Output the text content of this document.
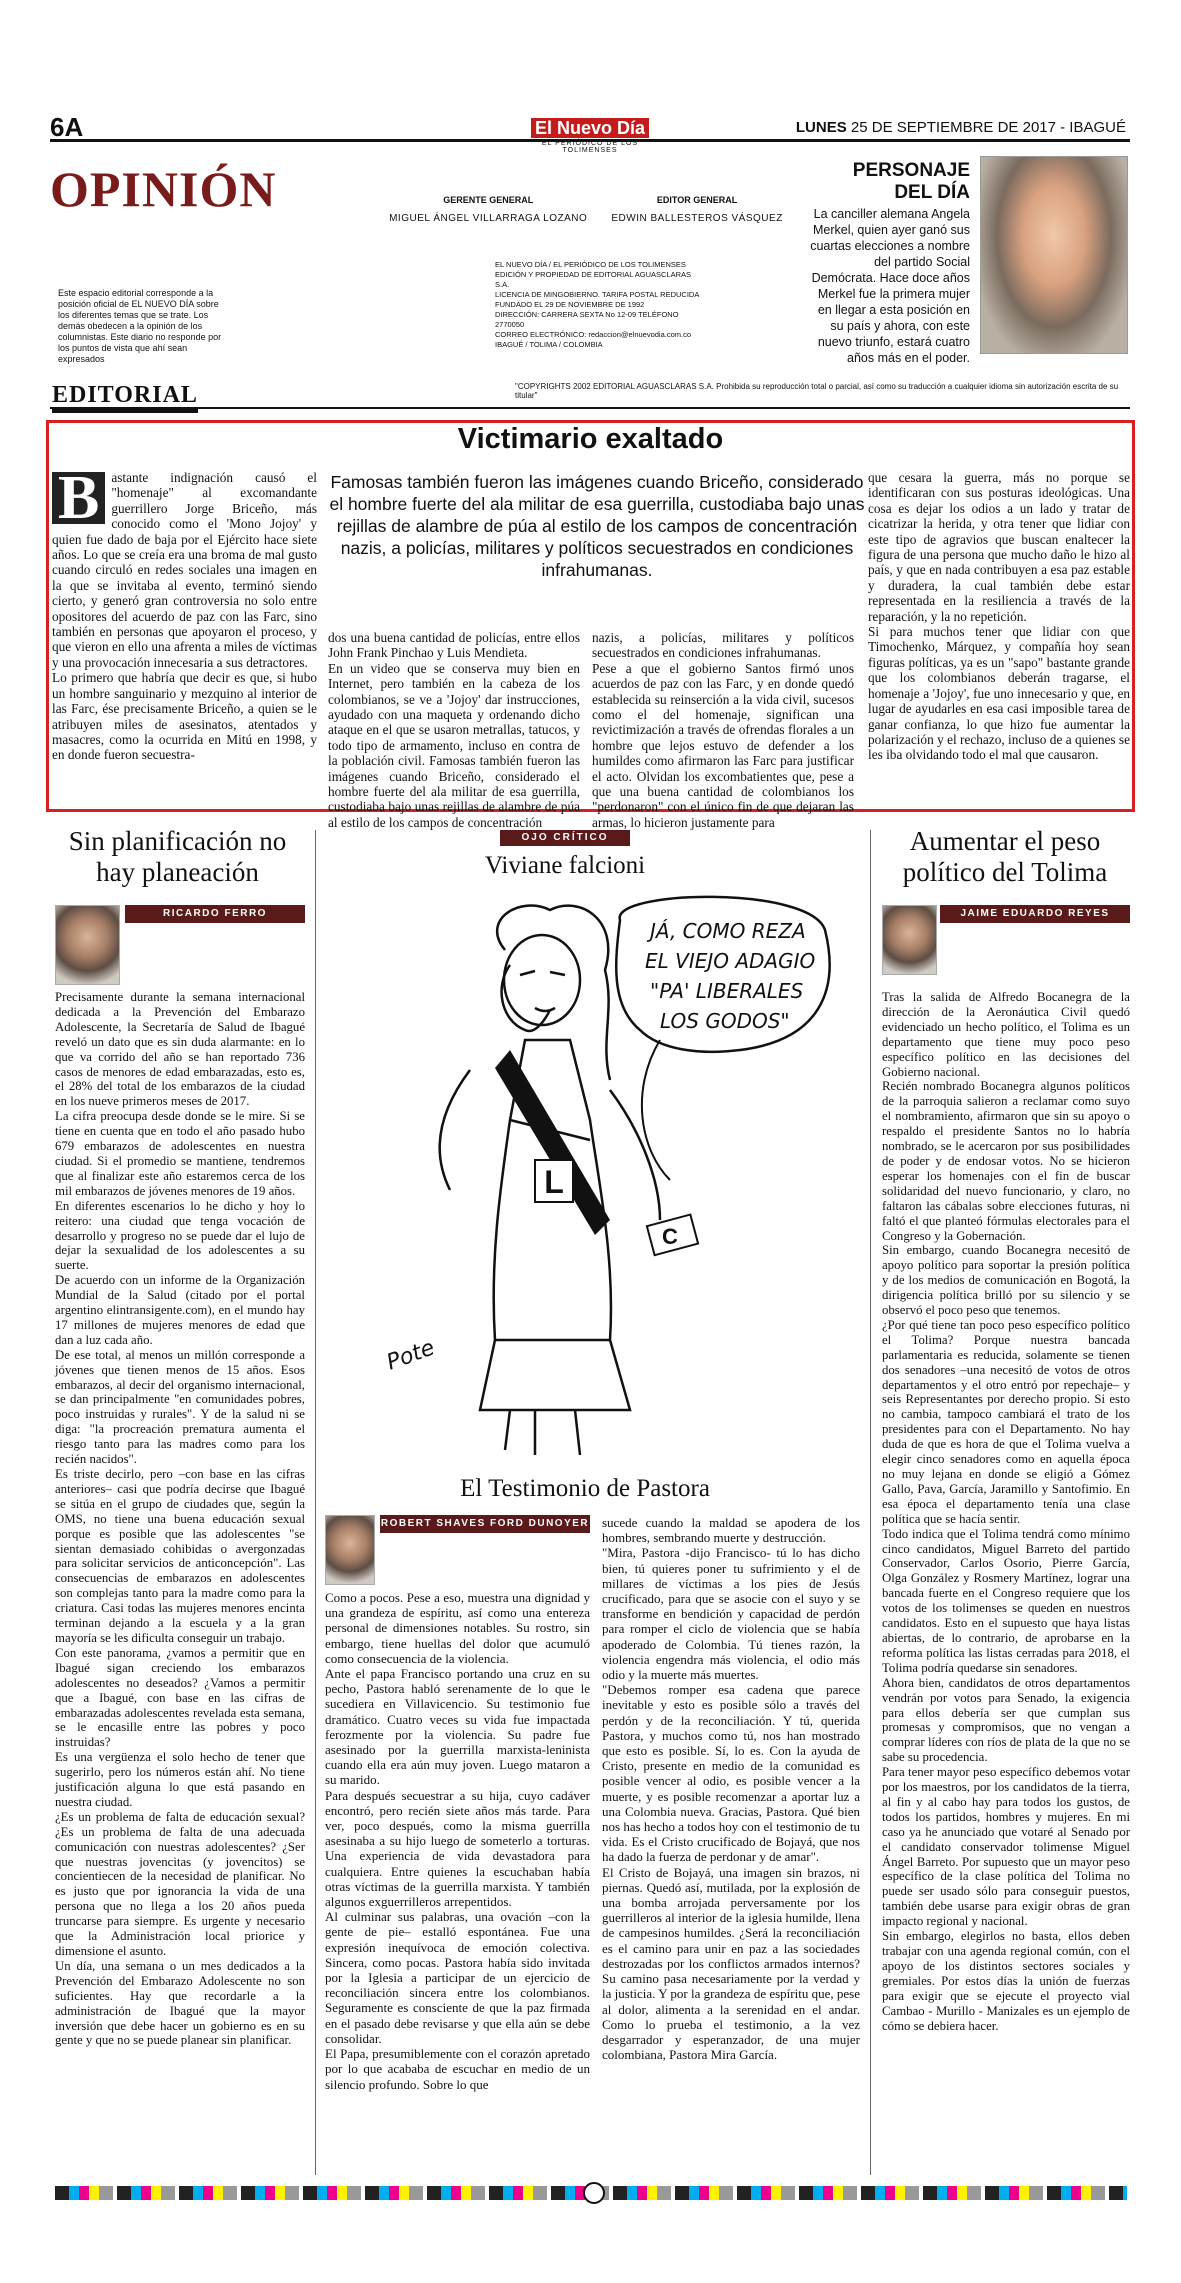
6A	El Nuevo Día
EL PERIÓDICO DE LOS TOLIMENSES
LUNES 25 DE SEPTIEMBRE DE 2017 - IBAGUÉ
OPINIÓN
Este espacio editorial corresponde a la posición oficial de EL NUEVO DÍA sobre los diferentes temas que se trate. Los demás obedecen a la opinión de los columnistas. Este diario no responde por los puntos de vista que ahí sean expresados
GERENTE GENERAL
MIGUEL ÁNGEL VILLARRAGA LOZANO

EDITOR GENERAL
EDWIN BALLESTEROS VÁSQUEZ
EL NUEVO DÍA / EL PERIÓDICO DE LOS TOLIMENSES
EDICIÓN Y PROPIEDAD DE EDITORIAL AGUASCLARAS S.A.
LICENCIA DE MINGOBIERNO. TARIFA POSTAL REDUCIDA
FUNDADO EL 29 DE NOVIEMBRE DE 1992
DIRECCIÓN: CARRERA SEXTA No 12-09 TELÉFONO 2770050
CORREO ELECTRÓNICO: redaccion@elnuevodia.com.co
IBAGUÉ / TOLIMA / COLOMBIA
PERSONAJE
DEL DÍA
La canciller alemana Angela Merkel, quien ayer ganó sus cuartas elecciones a nombre del partido Social Demócrata. Hace doce años Merkel fue la primera mujer en llegar a esta posición en su país y ahora, con este nuevo triunfo, estará cuatro años más en el poder.
EDITORIAL	"COPYRIGHTS 2002 EDITORIAL AGUASCLARAS S.A. Prohibida su reproducción total o parcial, así como su traducción a cualquier idioma sin autorización escrita de su titular"
Victimario exaltado
Famosas también fueron las imágenes cuando Briceño, considerado el hombre fuerte del ala militar de esa guerrilla, custodiaba bajo unas rejillas de alambre de púa al estilo de los campos de concentración nazis, a policías, militares y políticos secuestrados en condiciones infrahumanas.
B astante indignación causó el "homenaje" al excomandante guerrillero Jorge Briceño, más conocido como el 'Mono Jojoy' y quien fue dado de baja por el Ejército hace siete años. Lo que se creía era una broma de mal gusto cuando circuló en redes sociales una imagen en la que se invitaba al evento, terminó siendo cierto, y generó gran controversia no solo entre opositores del acuerdo de paz con las Farc, sino también en personas que apoyaron el proceso, y que vieron en ello una afrenta a miles de víctimas y una provocación innecesaria a sus detractores.
Lo primero que habría que decir es que, si hubo un hombre sanguinario y mezquino al interior de las Farc, ése precisamente Briceño, a quien se le atribuyen miles de asesinatos, atentados y masacres, como la ocurrida en Mitú en 1998, y en donde fueron secuestra-
dos una buena cantidad de policías, entre ellos John Frank Pinchao y Luis Mendieta.
En un video que se conserva muy bien en Internet, pero también en la cabeza de los colombianos, se ve a 'Jojoy' dar instrucciones, ayudado con una maqueta y ordenando dicho ataque en el que se usaron metrallas, tatucos, y todo tipo de armamento, incluso en contra de la población civil. Famosas también fueron las imágenes cuando Briceño, considerado el hombre fuerte del ala militar de esa guerrilla, custodiaba bajo unas rejillas de alambre de púa al estilo de los campos de concentración
nazis, a policías, militares y políticos secuestrados en condiciones infrahumanas.
Pese a que el gobierno Santos firmó unos acuerdos de paz con las Farc, y en donde quedó establecida su reinserción a la vida civil, sucesos como el del homenaje, significan una revictimización a través de ofrendas florales a un hombre que lejos estuvo de defender a los humildes como afirmaron las Farc para justificar el acto. Olvidan los excombatientes que, pese a que una buena cantidad de colombianos los "perdonaron" con el único fin de que dejaran las armas, lo hicieron justamente para
que cesara la guerra, más no porque se identificaran con sus posturas ideológicas. Una cosa es dejar los odios a un lado y tratar de cicatrizar la herida, y otra tener que lidiar con este tipo de agravios que buscan enaltecer la figura de una persona que mucho daño le hizo al país, y que en nada contribuyen a esa paz estable y duradera, la cual también debe estar representada en la resiliencia a través de la reparación, y la no repetición.
Si para muchos tener que lidiar con que Timochenko, Márquez, y compañía hoy sean figuras políticas, ya es un "sapo" bastante grande que los colombianos deberán tragarse, el homenaje a 'Jojoy', fue uno innecesario y que, en lugar de ayudarles en esa casi imposible tarea de ganar confianza, lo que hizo fue aumentar la polarización y el rechazo, incluso de a quienes se les iba olvidando todo el mal que causaron.
Sin planificación no hay planeación
RICARDO FERRO
Precisamente durante la semana internacional dedicada a la Prevención del Embarazo Adolescente, la Secretaría de Salud de Ibagué reveló un dato que es sin duda alarmante: en lo que va corrido del año se han reportado 736 casos de menores de edad embarazadas, esto es, el 28% del total de los embarazos de la ciudad en los nueve primeros meses de 2017.
La cifra preocupa desde donde se le mire. Si se tiene en cuenta que en todo el año pasado hubo 679 embarazos de adolescentes en nuestra ciudad. Si el promedio se mantiene, tendremos que al finalizar este año estaremos cerca de los mil embarazos de jóvenes menores de 19 años.
En diferentes escenarios lo he dicho y hoy lo reitero: una ciudad que tenga vocación de desarrollo y progreso no se puede dar el lujo de dejar la sexualidad de los adolescentes a su suerte.
De acuerdo con un informe de la Organización Mundial de la Salud (citado por el portal argentino elintransigente.com), en el mundo hay 17 millones de mujeres menores de edad que dan a luz cada año.
De ese total, al menos un millón corresponde a jóvenes que tienen menos de 15 años. Esos embarazos, al decir del organismo internacional, se dan principalmente "en comunidades pobres, poco instruidas y rurales". Y de la salud ni se diga: "la procreación prematura aumenta el riesgo tanto para las madres como para los recién nacidos".
Es triste decirlo, pero –con base en las cifras anteriores– casi que podría decirse que Ibagué se sitúa en el grupo de ciudades que, según la OMS, no tiene una buena educación sexual porque es posible que las adolescentes "se sientan demasiado cohibidas o avergonzadas para solicitar servicios de anticoncepción". Las consecuencias de embarazos en adolescentes son complejas tanto para la madre como para la criatura. Casi todas las mujeres menores encinta terminan dejando a la escuela y a la gran mayoría se les dificulta conseguir un trabajo.
Con este panorama, ¿vamos a permitir que en Ibagué sigan creciendo los embarazos adolescentes no deseados? ¿Vamos a permitir que a Ibagué, con base en las cifras de embarazadas adolescentes revelada esta semana, se le encasille entre las pobres y poco instruidas?
Es una vergüenza el solo hecho de tener que sugerirlo, pero los números están ahí. No tiene justificación alguna lo que está pasando en nuestra ciudad.
¿Es un problema de falta de educación sexual? ¿Es un problema de falta de una adecuada comunicación con nuestras adolescentes? ¿Ser que nuestras jovencitas (y jovencitos) se concientiecen de la necesidad de planificar. No es justo que por ignorancia la vida de una persona que no llega a los 20 años pueda truncarse para siempre. Es urgente y necesario que la Administración local priorice y dimensione el asunto.
Un día, una semana o un mes dedicados a la Prevención del Embarazo Adolescente no son suficientes. Hay que recordarle a la administración de Ibagué que la mayor inversión que debe hacer un gobierno es en su gente y que no se puede planear sin planificar.
OJO CRÍTICO
Viviane falcioni
L
C
JÁ, COMO REZA EL VIEJO ADAGIO "PA' LIBERALES LOS GODOS"
Pote
El Testimonio de Pastora
ROBERT SHAVES FORD DUNOYER
Como a pocos. Pese a eso, muestra una dignidad y una grandeza de espíritu, así como una entereza personal de dimensiones notables. Su rostro, sin embargo, tiene huellas del dolor que acumuló como consecuencia de la violencia.
Ante el papa Francisco portando una cruz en su pecho, Pastora habló serenamente de lo que le sucediera en Villavicencio. Su testimonio fue dramático. Cuatro veces su vida fue impactada ferozmente por la violencia. Su padre fue asesinado por la guerrilla marxista-leninista cuando ella era aún muy joven. Luego mataron a su marido.
Para después secuestrar a su hija, cuyo cadáver encontró, pero recién siete años más tarde. Para ver, poco después, como la misma guerrilla asesinaba a su hijo luego de someterlo a torturas. Una experiencia de vida devastadora para cualquiera. Entre quienes la escuchaban había otras víctimas de la guerrilla marxista. Y también algunos exguerrilleros arrepentidos.
Al culminar sus palabras, una ovación –con la gente de pie– estalló espontánea. Fue una expresión inequívoca de emoción colectiva. Sincera, como pocas. Pastora había sido invitada por la Iglesia a participar de un ejercicio de reconciliación sincera entre los colombianos. Seguramente es consciente de que la paz firmada en el pasado debe revisarse y que ella aún se debe consolidar.
El Papa, presumiblemente con el corazón apretado por lo que acababa de escuchar en medio de un silencio profundo. Sobre lo que
sucede cuando la maldad se apodera de los hombres, sembrando muerte y destrucción.
"Mira, Pastora -dijo Francisco- tú lo has dicho bien, tú quieres poner tu sufrimiento y el de millares de víctimas a los pies de Jesús crucificado, para que se asocie con el suyo y se transforme en bendición y capacidad de perdón para romper el ciclo de violencia que se había apoderado de Colombia. Tú tienes razón, la violencia engendra más violencia, el odio más odio y la muerte más muertes.
"Debemos romper esa cadena que parece inevitable y esto es posible sólo a través del perdón y de la reconciliación. Y tú, querida Pastora, y muchos como tú, nos han mostrado que esto es posible. Sí, lo es. Con la ayuda de Cristo, presente en medio de la comunidad es posible vencer al odio, es posible vencer a la muerte, y es posible recomenzar a aportar luz a una Colombia nueva. Gracias, Pastora. Qué bien nos has hecho a todos hoy con el testimonio de tu vida. Es el Cristo crucificado de Bojayá, que nos ha dado la fuerza de perdonar y de amar".
El Cristo de Bojayá, una imagen sin brazos, ni piernas. Quedó así, mutilada, por la explosión de una bomba arrojada perversamente por los guerrilleros al interior de la iglesia humilde, llena de campesinos humildes. ¿Será la reconciliación es el camino para unir en paz a las sociedades destrozadas por los conflictos armados internos? Su camino pasa necesariamente por la verdad y la justicia. Y por la grandeza de espíritu que, pese al dolor, alimenta a la serenidad en el andar. Como lo prueba el testimonio, a la vez desgarrador y esperanzador, de una mujer colombiana, Pastora Mira García.
Aumentar el peso político del Tolima
JAIME EDUARDO REYES
Tras la salida de Alfredo Bocanegra de la dirección de la Aeronáutica Civil quedó evidenciado un hecho político, el Tolima es un departamento que tiene muy poco peso específico político en las decisiones del Gobierno nacional.
Recién nombrado Bocanegra algunos políticos de la parroquia salieron a reclamar como suyo el nombramiento, afirmaron que sin su apoyo o respaldo el presidente Santos no lo habría nombrado, se le acercaron por sus posibilidades de poder y de endosar votos. No se hicieron esperar los homenajes con el fin de buscar solidaridad del nuevo funcionario, y claro, no faltaron las cábalas sobre elecciones futuras, ni faltó el que planteó fórmulas electorales para el Congreso y la Gobernación.
Sin embargo, cuando Bocanegra necesitó de apoyo político para soportar la presión política y de los medios de comunicación en Bogotá, la dirigencia política brilló por su silencio y se observó el poco peso que tenemos.
¿Por qué tiene tan poco peso específico político el Tolima? Porque nuestra bancada parlamentaria es reducida, solamente se tienen dos senadores –una necesitó de votos de otros departamentos y el otro entró por repechaje– y seis Representantes por derecho propio. Si esto no cambia, tampoco cambiará el trato de los presidentes para con el Departamento. No hay duda de que es hora de que el Tolima vuelva a elegir cinco senadores como en aquella época no muy lejana en donde se eligió a Gómez Gallo, Pava, García, Jaramillo y Santofimio. En esa época el departamento tenía una clase política que se hacía sentir.
Todo indica que el Tolima tendrá como mínimo cinco candidatos, Miguel Barreto del partido Conservador, Carlos Osorio, Pierre García, Olga González y Rosmery Martínez, lograr una bancada fuerte en el Congreso requiere que los votos de los tolimenses se queden en nuestros candidatos. Esto en el supuesto que haya listas abiertas, de lo contrario, de aprobarse en la reforma política las listas cerradas para 2018, el Tolima podría quedarse sin senadores.
Ahora bien, candidatos de otros departamentos vendrán por votos para Senado, la exigencia para ellos debería ser que cumplan sus promesas y compromisos, que no vengan a comprar líderes con ríos de plata de la que no se sabe su procedencia.
Para tener mayor peso específico debemos votar por los maestros, por los candidatos de la tierra, al fin y al cabo hay para todos los gustos, de todos los partidos, hombres y mujeres. En mi caso ya he anunciado que votaré al Senado por el candidato conservador tolimense Miguel Ángel Barreto. Por supuesto que un mayor peso específico de la clase política del Tolima no puede ser usado sólo para conseguir puestos, también debe usarse para exigir obras de gran impacto regional y nacional.
Sin embargo, elegirlos no basta, ellos deben trabajar con una agenda regional común, con el apoyo de los distintos sectores sociales y gremiales. Por estos días la unión de fuerzas para exigir que se ejecute el proyecto vial Cambao - Murillo - Manizales es un ejemplo de cómo se debiera hacer.
